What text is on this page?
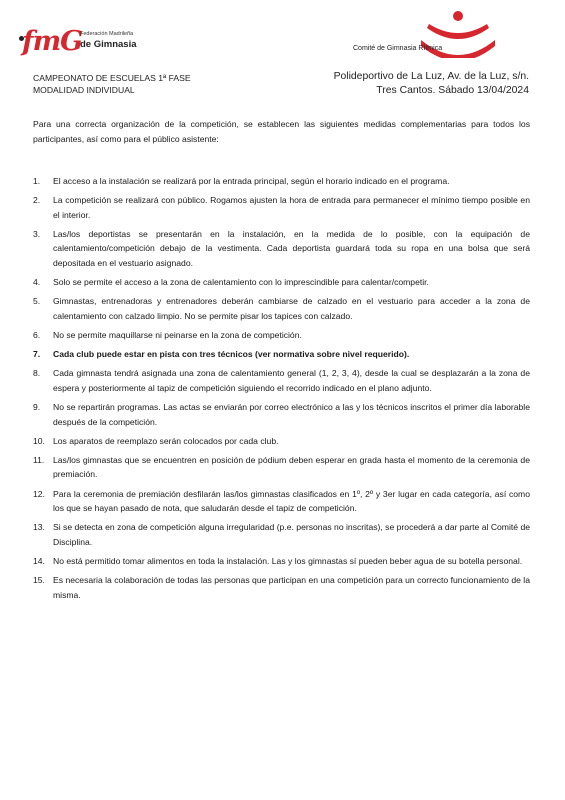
fmG
Federación Madrileña
de Gimnasia	Comité de Gimnasia Rítmica
CAMPEONATO DE ESCUELAS 1ª FASE
MODALIDAD INDIVIDUAL
Polideportivo de La Luz, Av. de la Luz, s/n.
Tres Cantos. Sábado 13/04/2024
Para una correcta organización de la competición, se establecen las siguientes medidas complementarias para todos los participantes, así como para el público asistente:
1. El acceso a la instalación se realizará por la entrada principal, según el horario indicado en el programa.
2. La competición se realizará con público. Rogamos ajusten la hora de entrada para permanecer el mínimo tiempo posible en el interior.
3. Las/los deportistas se presentarán en la instalación, en la medida de lo posible, con la equipación de calentamiento/competición debajo de la vestimenta. Cada deportista guardará toda su ropa en una bolsa que será depositada en el vestuario asignado.
4. Solo se permite el acceso a la zona de calentamiento con lo imprescindible para calentar/competir.
5. Gimnastas, entrenadoras y entrenadores deberán cambiarse de calzado en el vestuario para acceder a la zona de calentamiento con calzado limpio. No se permite pisar los tapices con calzado.
6. No se permite maquillarse ni peinarse en la zona de competición.
7. Cada club puede estar en pista con tres técnicos (ver normativa sobre nivel requerido).
8. Cada gimnasta tendrá asignada una zona de calentamiento general (1, 2, 3, 4), desde la cual se desplazarán a la zona de espera y posteriormente al tapiz de competición siguiendo el recorrido indicado en el plano adjunto.
9. No se repartirán programas. Las actas se enviarán por correo electrónico a las y los técnicos inscritos el primer día laborable después de la competición.
10. Los aparatos de reemplazo serán colocados por cada club.
11. Las/los gimnastas que se encuentren en posición de pódium deben esperar en grada hasta el momento de la ceremonia de premiación.
12. Para la ceremonia de premiación desfilarán las/los gimnastas clasificados en 1º, 2º y 3er lugar en cada categoría, así como los que se hayan pasado de nota, que saludarán desde el tapiz de competición.
13. Si se detecta en zona de competición alguna irregularidad (p.e. personas no inscritas), se procederá a dar parte al Comité de Disciplina.
14. No está permitido tomar alimentos en toda la instalación. Las y los gimnastas sí pueden beber agua de su botella personal.
15. Es necesaria la colaboración de todas las personas que participan en una competición para un correcto funcionamiento de la misma.
